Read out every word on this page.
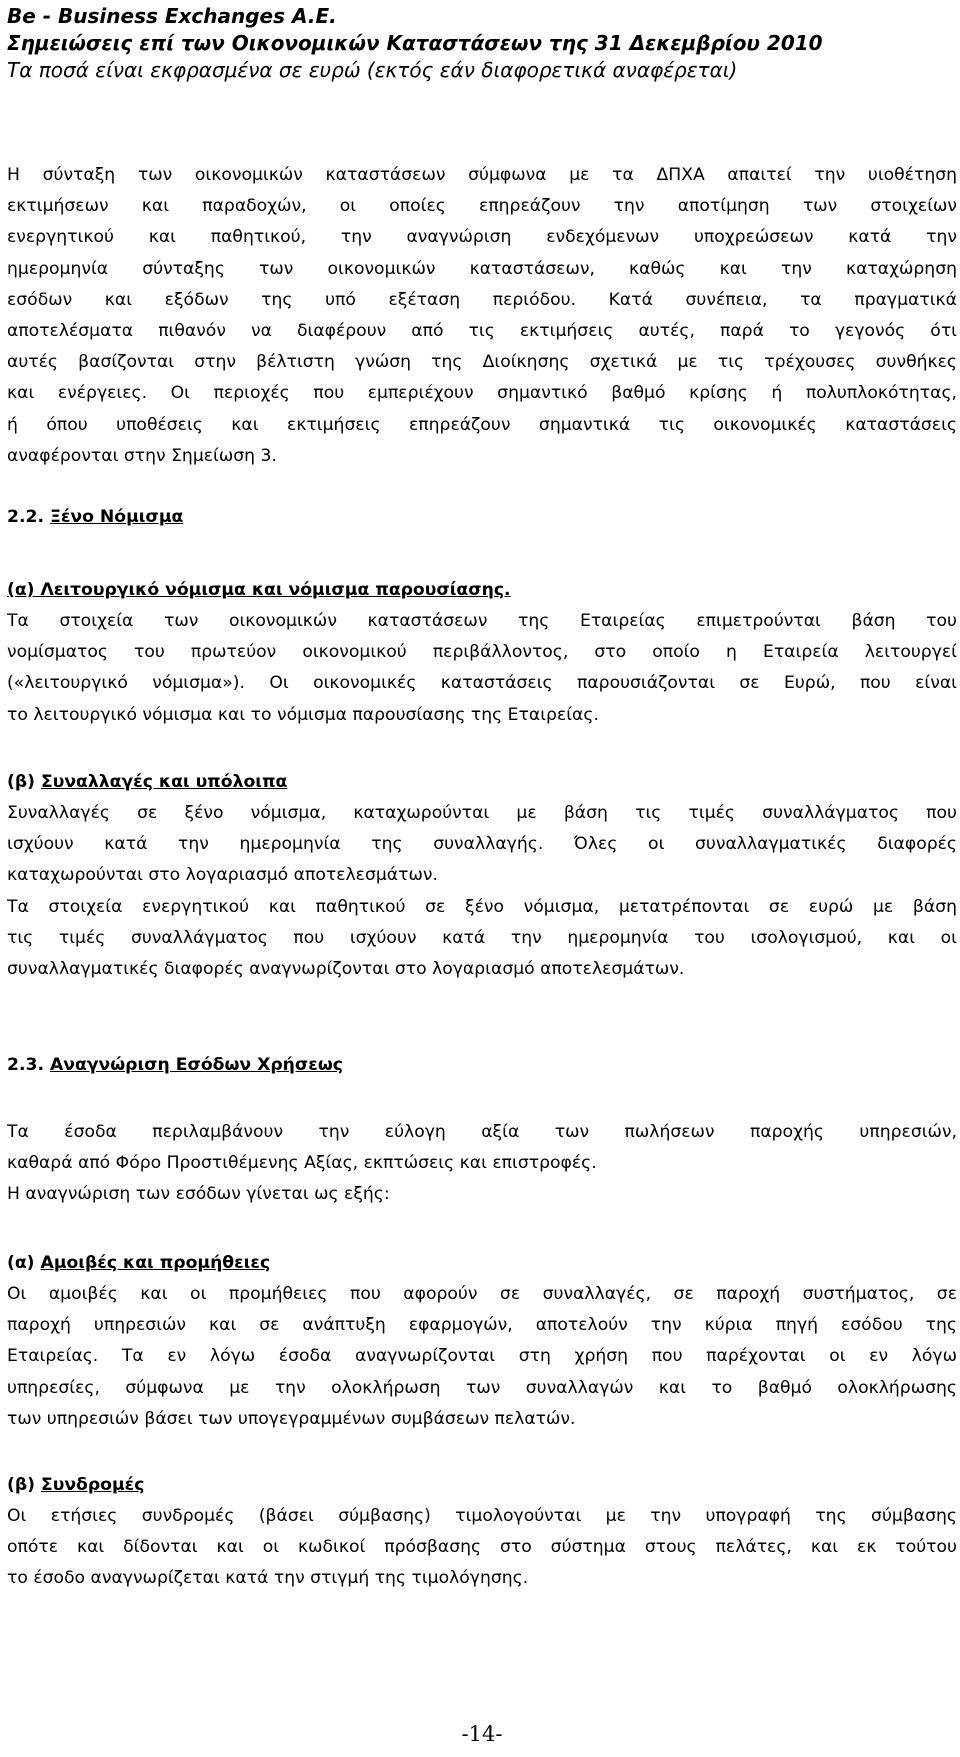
Be - Business Exchanges A.E.
Σημειώσεις επί των Οικονομικών Καταστάσεων της 31 Δεκεμβρίου 2010
Τα ποσά είναι εκφρασμένα σε ευρώ (εκτός εάν διαφορετικά αναφέρεται)
Η σύνταξη των οικονομικών καταστάσεων σύμφωνα με τα ΔΠΧΑ απαιτεί την υιοθέτηση
εκτιμήσεων και παραδοχών, οι οποίες επηρεάζουν την αποτίμηση των στοιχείων
ενεργητικού και παθητικού, την αναγνώριση ενδεχόμενων υποχρεώσεων κατά την
ημερομηνία σύνταξης των οικονομικών καταστάσεων, καθώς και την καταχώρηση
εσόδων και εξόδων της υπό εξέταση περιόδου. Κατά συνέπεια, τα πραγματικά
αποτελέσματα πιθανόν να διαφέρουν από τις εκτιμήσεις αυτές, παρά το γεγονός ότι
αυτές βασίζονται στην βέλτιστη γνώση της Διοίκησης σχετικά με τις τρέχουσες συνθήκες
και ενέργειες. Οι περιοχές που εμπεριέχουν σημαντικό βαθμό κρίσης ή πολυπλοκότητας,
ή όπου υποθέσεις και εκτιμήσεις επηρεάζουν σημαντικά τις οικονομικές καταστάσεις
αναφέρονται στην Σημείωση 3.
2.2. Ξένο Νόμισμα
(α) Λειτουργικό νόμισμα και νόμισμα παρουσίασης.
Τα στοιχεία των οικονομικών καταστάσεων της Εταιρείας επιμετρούνται βάση του
νομίσματος του πρωτεύον οικονομικού περιβάλλοντος, στο οποίο η Εταιρεία λειτουργεί
(«λειτουργικό νόμισμα»). Οι οικονομικές καταστάσεις παρουσιάζονται σε Ευρώ, που είναι
το λειτουργικό νόμισμα και το νόμισμα παρουσίασης της Εταιρείας.
(β) Συναλλαγές και υπόλοιπα
Συναλλαγές σε ξένο νόμισμα, καταχωρούνται με βάση τις τιμές συναλλάγματος που
ισχύουν κατά την ημερομηνία της συναλλαγής. Όλες οι συναλλαγματικές διαφορές
καταχωρούνται στο λογαριασμό αποτελεσμάτων.
Τα στοιχεία ενεργητικού και παθητικού σε ξένο νόμισμα, μετατρέπονται σε ευρώ με βάση
τις τιμές συναλλάγματος που ισχύουν κατά την ημερομηνία του ισολογισμού, και οι
συναλλαγματικές διαφορές αναγνωρίζονται στο λογαριασμό αποτελεσμάτων.
2.3. Αναγνώριση Εσόδων Χρήσεως
Τα έσοδα περιλαμβάνουν την εύλογη αξία των πωλήσεων παροχής υπηρεσιών,
καθαρά από Φόρο Προστιθέμενης Αξίας, εκπτώσεις και επιστροφές.
Η αναγνώριση των εσόδων γίνεται ως εξής:
(α) Αμοιβές και προμήθειες
Οι αμοιβές και οι προμήθειες που αφορούν σε συναλλαγές, σε παροχή συστήματος, σε
παροχή υπηρεσιών και σε ανάπτυξη εφαρμογών, αποτελούν την κύρια πηγή εσόδου της
Εταιρείας. Τα εν λόγω έσοδα αναγνωρίζονται στη χρήση που παρέχονται οι εν λόγω
υπηρεσίες, σύμφωνα με την ολοκλήρωση των συναλλαγών και το βαθμό ολοκλήρωσης
των υπηρεσιών βάσει των υπογεγραμμένων συμβάσεων πελατών.
(β) Συνδρομές
Οι ετήσιες συνδρομές (βάσει σύμβασης) τιμολογούνται με την υπογραφή της σύμβασης
οπότε και δίδονται και οι κωδικοί πρόσβασης στο σύστημα στους πελάτες, και εκ τούτου
το έσοδο αναγνωρίζεται κατά την στιγμή της τιμολόγησης.
-14-
